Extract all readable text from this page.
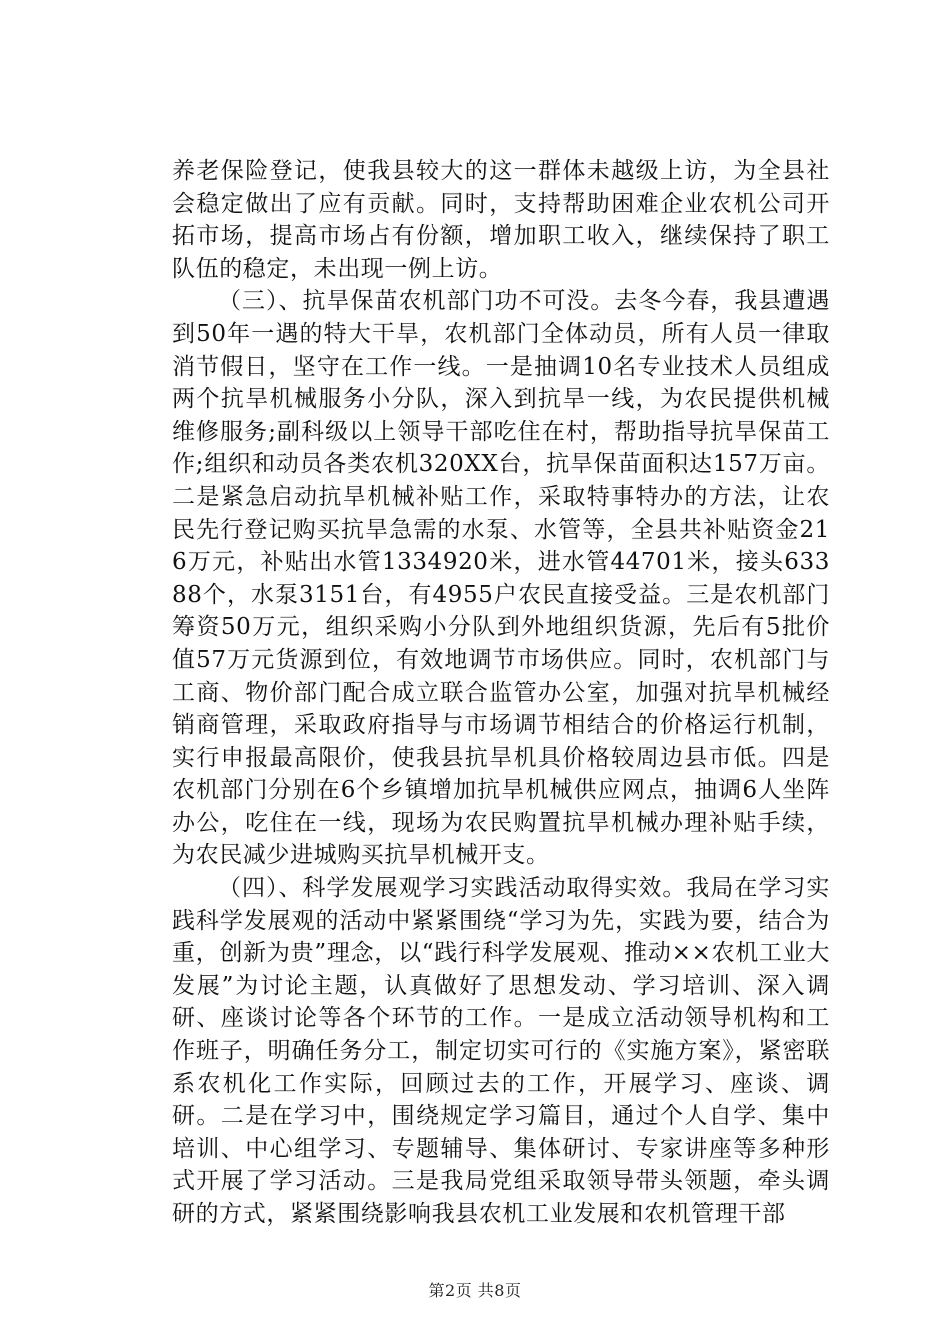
养老保险登记，使我县较大的这一群体未越级上访，为全县社会稳定做出了应有贡献。同时，支持帮助困难企业农机公司开拓市场，提高市场占有份额，增加职工收入，继续保持了职工队伍的稳定，未出现一例上访。

（三）、抗旱保苗农机部门功不可没。去冬今春，我县遭遇到50年一遇的特大干旱，农机部门全体动员，所有人员一律取消节假日，坚守在工作一线。一是抽调10名专业技术人员组成两个抗旱机械服务小分队，深入到抗旱一线，为农民提供机械维修服务;副科级以上领导干部吃住在村，帮助指导抗旱保苗工作;组织和动员各类农机320XX台，抗旱保苗面积达157万亩。二是紧急启动抗旱机械补贴工作，采取特事特办的方法，让农民先行登记购买抗旱急需的水泵、水管等，全县共补贴资金216万元，补贴出水管1334920米，进水管44701米，接头63388个，水泵3151台，有4955户农民直接受益。三是农机部门筹资50万元，组织采购小分队到外地组织货源，先后有5批价值57万元货源到位，有效地调节市场供应。同时，农机部门与工商、物价部门配合成立联合监管办公室，加强对抗旱机械经销商管理，采取政府指导与市场调节相结合的价格运行机制，实行申报最高限价，使我县抗旱机具价格较周边县市低。四是农机部门分别在6个乡镇增加抗旱机械供应网点，抽调6人坐阵办公，吃住在一线，现场为农民购置抗旱机械办理补贴手续，为农民减少进城购买抗旱机械开支。

（四）、科学发展观学习实践活动取得实效。我局在学习实践科学发展观的活动中紧紧围绕“学习为先，实践为要，结合为重，创新为贵”理念，以“践行科学发展观、推动××农机工业大发展”为讨论主题，认真做好了思想发动、学习培训、深入调研、座谈讨论等各个环节的工作。一是成立活动领导机构和工作班子，明确任务分工，制定切实可行的《实施方案》，紧密联系农机化工作实际，回顾过去的工作，开展学习、座谈、调研。二是在学习中，围绕规定学习篇目，通过个人自学、集中培训、中心组学习、专题辅导、集体研讨、专家讲座等多种形式开展了学习活动。三是我局党组采取领导带头领题，牵头调研的方式，紧紧围绕影响我县农机工业发展和农机管理干部

第2页 共8页
